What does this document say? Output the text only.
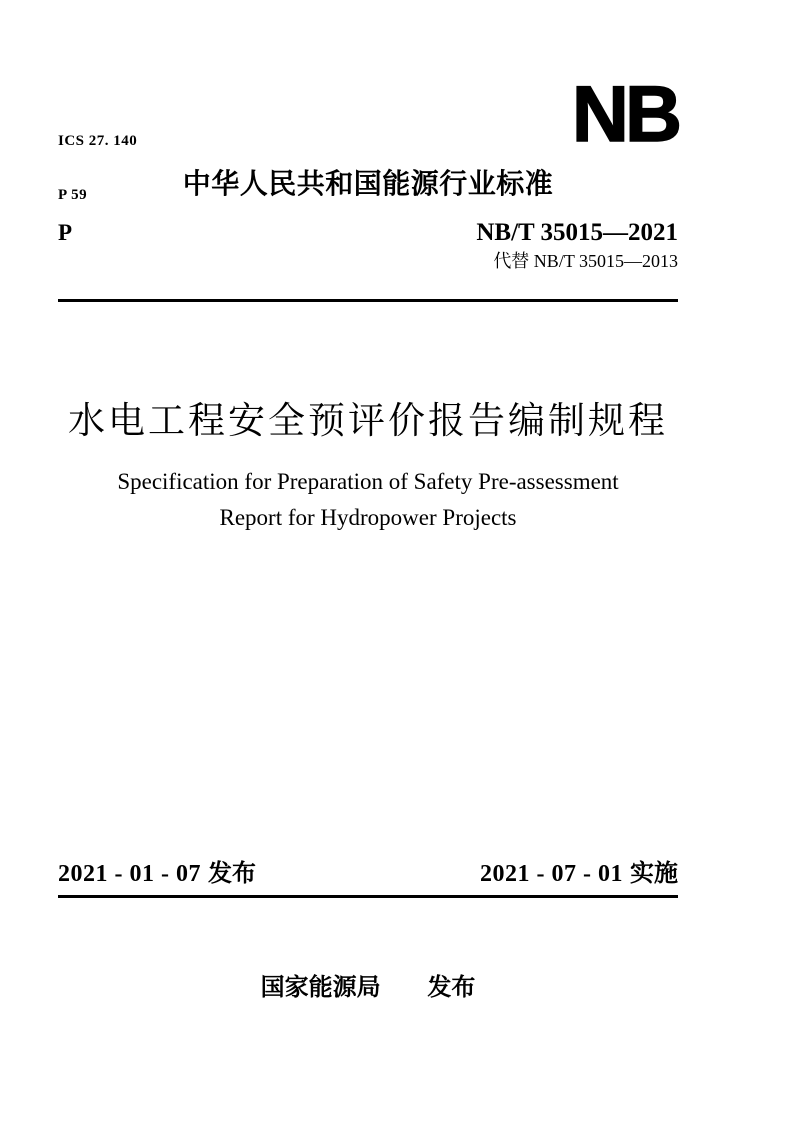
ICS 27. 140

P 59

NB
中华人民共和国能源行业标准
P	NB/T 35015—2021
代替 NB/T 35015—2013
水电工程安全预评价报告编制规程
Specification for Preparation of Safety Pre-assessment
Report for Hydropower Projects
2021 - 01 - 07 发布	2021 - 07 - 01 实施
国家能源局 发布
